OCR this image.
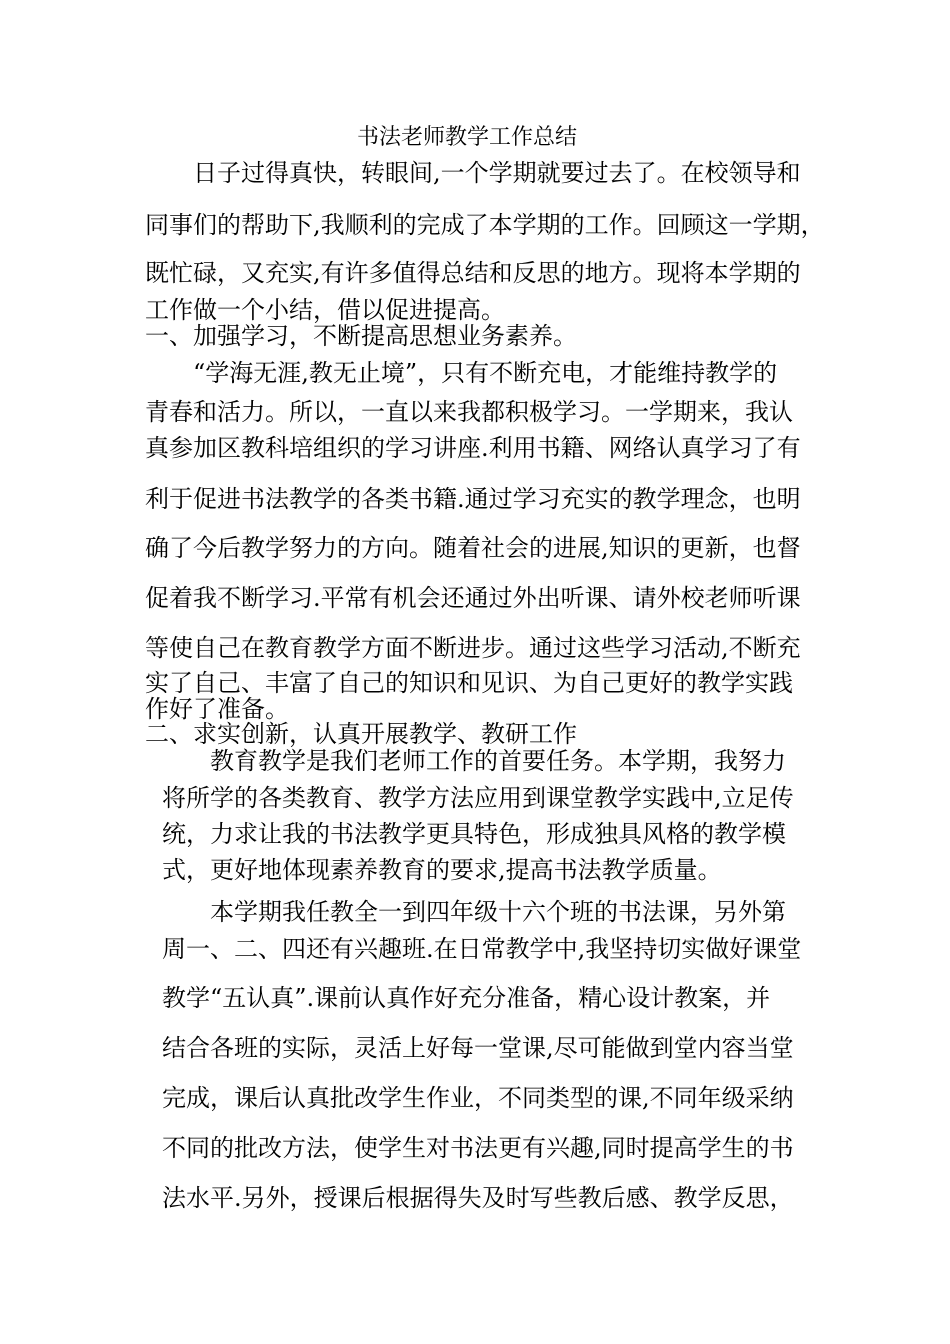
书法老师教学工作总结
日子过得真快，转眼间,一个学期就要过去了。在校领导和
同事们的帮助下,我顺利的完成了本学期的工作。回顾这一学期，
既忙碌，又充实,有许多值得总结和反思的地方。现将本学期的
工作做一个小结，借以促进提高。
一、加强学习，不断提高思想业务素养。
“学海无涯,教无止境”，只有不断充电，才能维持教学的
青春和活力。所以，一直以来我都积极学习。一学期来，我认
真参加区教科培组织的学习讲座.利用书籍、网络认真学习了有
利于促进书法教学的各类书籍.通过学习充实的教学理念，也明
确了今后教学努力的方向。随着社会的进展,知识的更新，也督
促着我不断学习.平常有机会还通过外出听课、请外校老师听课
等使自己在教育教学方面不断进步。通过这些学习活动,不断充
实了自己、丰富了自己的知识和见识、为自己更好的教学实践
作好了准备。
二、求实创新，认真开展教学、教研工作
教育教学是我们老师工作的首要任务。本学期，我努力
将所学的各类教育、教学方法应用到课堂教学实践中,立足传
统，力求让我的书法教学更具特色，形成独具风格的教学模
式，更好地体现素养教育的要求,提高书法教学质量。
本学期我任教全一到四年级十六个班的书法课，另外第
周一、二、四还有兴趣班.在日常教学中,我坚持切实做好课堂
教学“五认真”.课前认真作好充分准备，精心设计教案，并
结合各班的实际，灵活上好每一堂课,尽可能做到堂内容当堂
完成，课后认真批改学生作业，不同类型的课,不同年级采纳
不同的批改方法，使学生对书法更有兴趣,同时提高学生的书
法水平.另外，授课后根据得失及时写些教后感、教学反思，
